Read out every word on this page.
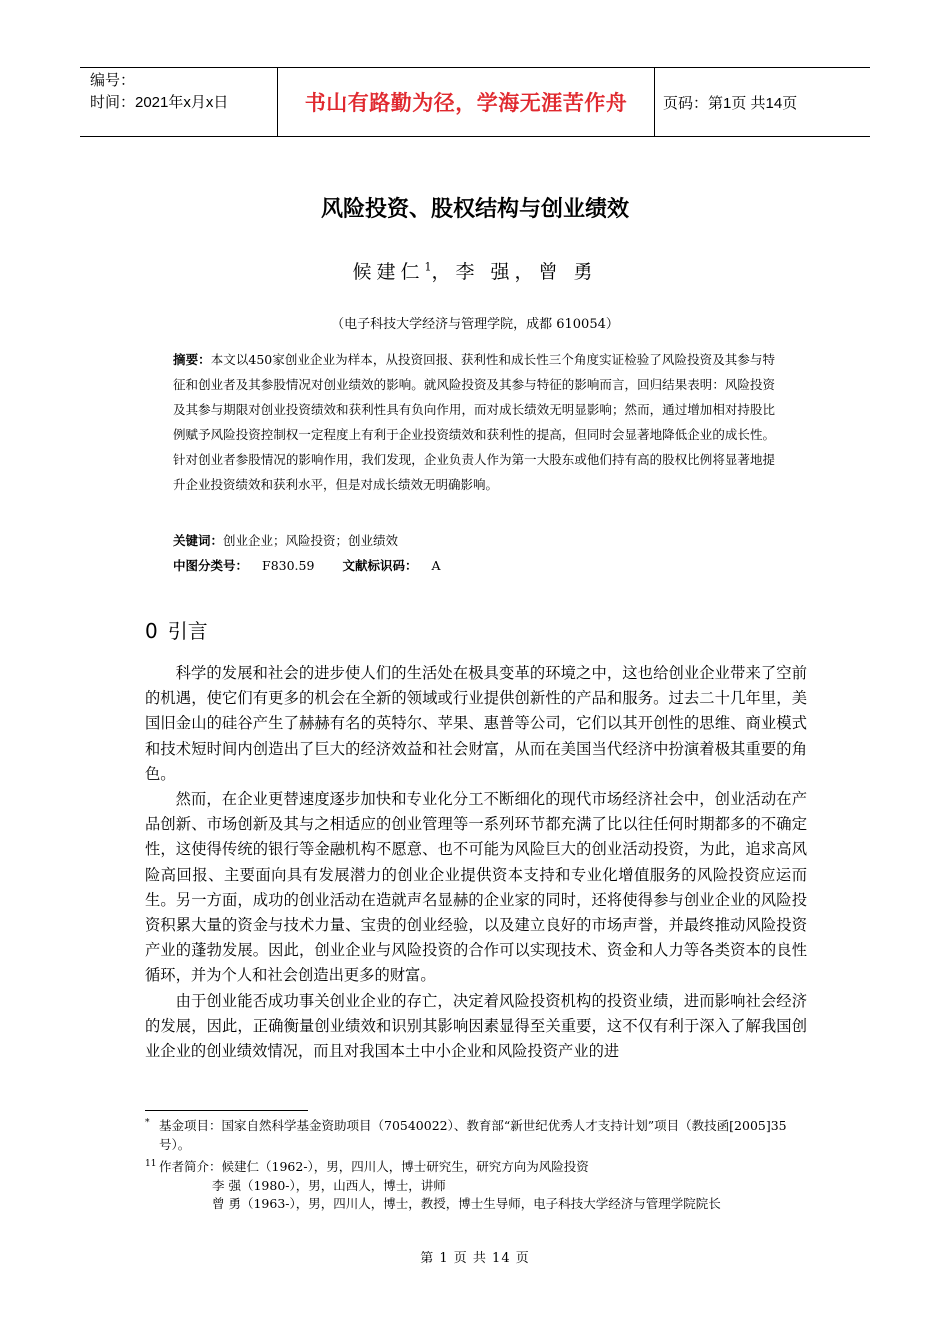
编号：
时间：2021年x月x日	书山有路勤为径，学海无涯苦作舟	页码：第1页 共14页
风险投资、股权结构与创业绩效
候建仁$^1$，李 强，曾 勇
（电子科技大学经济与管理学院，成都 610054）
摘要：本文以450家创业企业为样本，从投资回报、获利性和成长性三个角度实证检验了风险投资及其参与特征和创业者及其参股情况对创业绩效的影响。就风险投资及其参与特征的影响而言，回归结果表明：风险投资及其参与期限对创业投资绩效和获利性具有负向作用，而对成长绩效无明显影响；然而，通过增加相对持股比例赋予风险投资控制权一定程度上有利于企业投资绩效和获利性的提高，但同时会显著地降低企业的成长性。针对创业者参股情况的影响作用，我们发现，企业负责人作为第一大股东或他们持有高的股权比例将显著地提升企业投资绩效和获利水平，但是对成长绩效无明确影响。
关键词：创业企业；风险投资；创业绩效
中图分类号： F830.59 文献标识码： A
0 引言

科学的发展和社会的进步使人们的生活处在极具变革的环境之中，这也给创业企业带来了空前的机遇，使它们有更多的机会在全新的领域或行业提供创新性的产品和服务。过去二十几年里，美国旧金山的硅谷产生了赫赫有名的英特尔、苹果、惠普等公司，它们以其开创性的思维、商业模式和技术短时间内创造出了巨大的经济效益和社会财富，从而在美国当代经济中扮演着极其重要的角色。

然而，在企业更替速度逐步加快和专业化分工不断细化的现代市场经济社会中，创业活动在产品创新、市场创新及其与之相适应的创业管理等一系列环节都充满了比以往任何时期都多的不确定性，这使得传统的银行等金融机构不愿意、也不可能为风险巨大的创业活动投资，为此，追求高风险高回报、主要面向具有发展潜力的创业企业提供资本支持和专业化增值服务的风险投资应运而生。另一方面，成功的创业活动在造就声名显赫的企业家的同时，还将使得参与创业企业的风险投资积累大量的资金与技术力量、宝贵的创业经验，以及建立良好的市场声誉，并最终推动风险投资产业的蓬勃发展。因此，创业企业与风险投资的合作可以实现技术、资金和人力等各类资本的良性循环，并为个人和社会创造出更多的财富。

由于创业能否成功事关创业企业的存亡，决定着风险投资机构的投资业绩，进而影响社会经济的发展，因此，正确衡量创业绩效和识别其影响因素显得至关重要，这不仅有利于深入了解我国创业企业的创业绩效情况，而且对我国本土中小企业和风险投资产业的进

* 基金项目：国家自然科学基金资助项目（70540022）、教育部“新世纪优秀人才支持计划”项目（教技函[2005]35号）。
11 作者简介：候建仁（1962-），男，四川人，博士研究生，研究方向为风险投资
李 强（1980-），男，山西人，博士，讲师
曾 勇（1963-），男，四川人，博士，教授，博士生导师，电子科技大学经济与管理学院院长
第 1 页 共 14 页
